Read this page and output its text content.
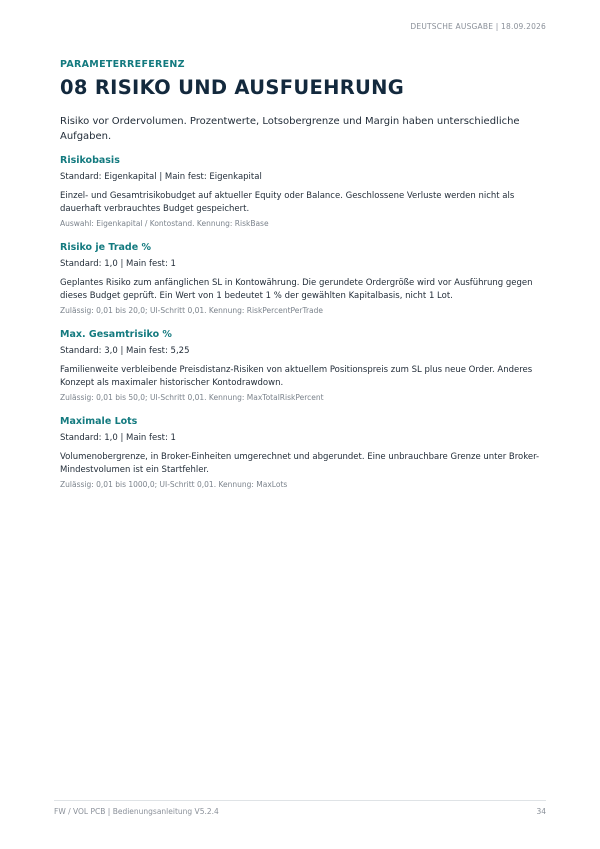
DEUTSCHE AUSGABE | 18.09.2026
PARAMETERREFERENZ
08 RISIKO UND AUSFUEHRUNG
Risiko vor Ordervolumen. Prozentwerte, Lotsobergrenze und Margin haben unterschiedliche Aufgaben.
Risikobasis
Standard: Eigenkapital | Main fest: Eigenkapital
Einzel- und Gesamtrisikobudget auf aktueller Equity oder Balance. Geschlossene Verluste werden nicht als dauerhaft verbrauchtes Budget gespeichert.
Auswahl: Eigenkapital / Kontostand. Kennung: RiskBase
Risiko je Trade %
Standard: 1,0 | Main fest: 1
Geplantes Risiko zum anfänglichen SL in Kontowährung. Die gerundete Ordergröße wird vor Ausführung gegen dieses Budget geprüft. Ein Wert von 1 bedeutet 1 % der gewählten Kapitalbasis, nicht 1 Lot.
Zulässig: 0,01 bis 20,0; UI-Schritt 0,01. Kennung: RiskPercentPerTrade
Max. Gesamtrisiko %
Standard: 3,0 | Main fest: 5,25
Familienweite verbleibende Preisdistanz-Risiken von aktuellem Positionspreis zum SL plus neue Order. Anderes Konzept als maximaler historischer Kontodrawdown.
Zulässig: 0,01 bis 50,0; UI-Schritt 0,01. Kennung: MaxTotalRiskPercent
Maximale Lots
Standard: 1,0 | Main fest: 1
Volumenobergrenze, in Broker-Einheiten umgerechnet und abgerundet. Eine unbrauchbare Grenze unter Broker-Mindestvolumen ist ein Startfehler.
Zulässig: 0,01 bis 1000,0; UI-Schritt 0,01. Kennung: MaxLots
FW / VOL PCB | Bedienungsanleitung V5.2.4	34
